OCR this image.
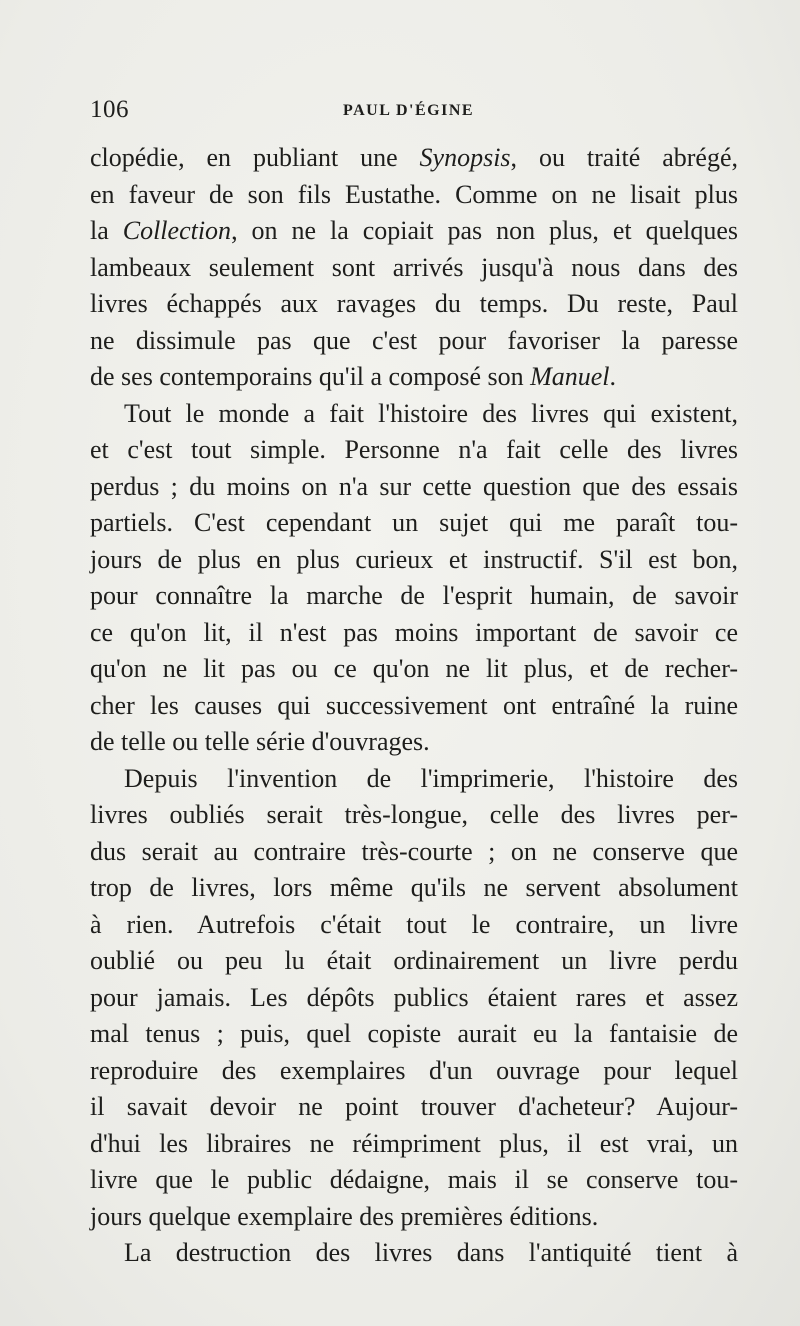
106	PAUL D'ÉGINE
clopédie, en publiant une Synopsis, ou traité abrégé,
en faveur de son fils Eustathe. Comme on ne lisait plus
la Collection, on ne la copiait pas non plus, et quelques
lambeaux seulement sont arrivés jusqu'à nous dans des
livres échappés aux ravages du temps. Du reste, Paul
ne dissimule pas que c'est pour favoriser la paresse
de ses contemporains qu'il a composé son Manuel.
Tout le monde a fait l'histoire des livres qui existent,
et c'est tout simple. Personne n'a fait celle des livres
perdus ; du moins on n'a sur cette question que des essais
partiels. C'est cependant un sujet qui me paraît tou-
jours de plus en plus curieux et instructif. S'il est bon,
pour connaître la marche de l'esprit humain, de savoir
ce qu'on lit, il n'est pas moins important de savoir ce
qu'on ne lit pas ou ce qu'on ne lit plus, et de recher-
cher les causes qui successivement ont entraîné la ruine
de telle ou telle série d'ouvrages.
Depuis l'invention de l'imprimerie, l'histoire des
livres oubliés serait très-longue, celle des livres per-
dus serait au contraire très-courte ; on ne conserve que
trop de livres, lors même qu'ils ne servent absolument
à rien. Autrefois c'était tout le contraire, un livre
oublié ou peu lu était ordinairement un livre perdu
pour jamais. Les dépôts publics étaient rares et assez
mal tenus ; puis, quel copiste aurait eu la fantaisie de
reproduire des exemplaires d'un ouvrage pour lequel
il savait devoir ne point trouver d'acheteur? Aujour-
d'hui les libraires ne réimpriment plus, il est vrai, un
livre que le public dédaigne, mais il se conserve tou-
jours quelque exemplaire des premières éditions.
La destruction des livres dans l'antiquité tient à
